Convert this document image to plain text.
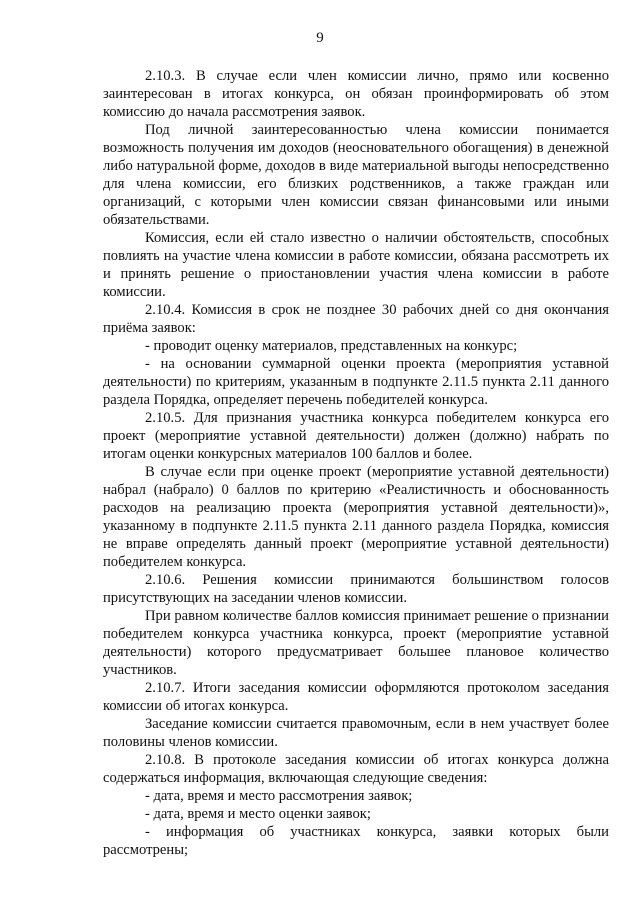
9

2.10.3. В случае если член комиссии лично, прямо или косвенно заинтересован в итогах конкурса, он обязан проинформировать об этом комиссию до начала рассмотрения заявок.

Под личной заинтересованностью члена комиссии понимается возможность получения им доходов (неосновательного обогащения) в денежной либо натуральной форме, доходов в виде материальной выгоды непосредственно для члена комиссии, его близких родственников, а также граждан или организаций, с которыми член комиссии связан финансовыми или иными обязательствами.

Комиссия, если ей стало известно о наличии обстоятельств, способных повлиять на участие члена комиссии в работе комиссии, обязана рассмотреть их и принять решение о приостановлении участия члена комиссии в работе комиссии.

2.10.4. Комиссия в срок не позднее 30 рабочих дней со дня окончания приёма заявок:

- проводит оценку материалов, представленных на конкурс;

- на основании суммарной оценки проекта (мероприятия уставной деятельности) по критериям, указанным в подпункте 2.11.5 пункта 2.11 данного раздела Порядка, определяет перечень победителей конкурса.

2.10.5. Для признания участника конкурса победителем конкурса его проект (мероприятие уставной деятельности) должен (должно) набрать по итогам оценки конкурсных материалов 100 баллов и более.

В случае если при оценке проект (мероприятие уставной деятельности) набрал (набрало) 0 баллов по критерию «Реалистичность и обоснованность расходов на реализацию проекта (мероприятия уставной деятельности)», указанному в подпункте 2.11.5 пункта 2.11 данного раздела Порядка, комиссия не вправе определять данный проект (мероприятие уставной деятельности) победителем конкурса.

2.10.6. Решения комиссии принимаются большинством голосов присутствующих на заседании членов комиссии.

При равном количестве баллов комиссия принимает решение о признании победителем конкурса участника конкурса, проект (мероприятие уставной деятельности) которого предусматривает большее плановое количество участников.

2.10.7. Итоги заседания комиссии оформляются протоколом заседания комиссии об итогах конкурса.

Заседание комиссии считается правомочным, если в нем участвует более половины членов комиссии.

2.10.8. В протоколе заседания комиссии об итогах конкурса должна содержаться информация, включающая следующие сведения:

- дата, время и место рассмотрения заявок;

- дата, время и место оценки заявок;

- информация об участниках конкурса, заявки которых были рассмотрены;
